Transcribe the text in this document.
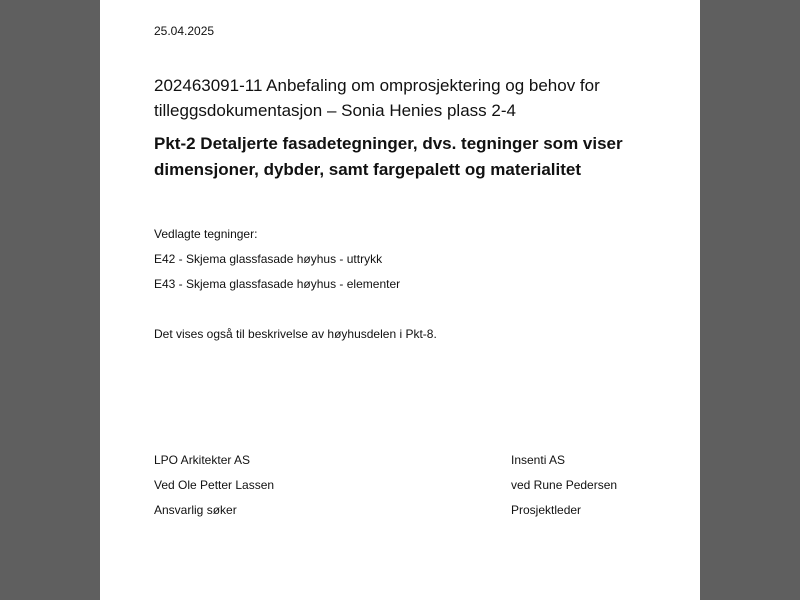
25.04.2025
202463091-11 Anbefaling om omprosjektering og behov for
tilleggsdokumentasjon – Sonia Henies plass 2-4
Pkt-2 Detaljerte fasadetegninger, dvs. tegninger som viser
dimensjoner, dybder, samt fargepalett og materialitet
Vedlagte tegninger:
E42 - Skjema glassfasade høyhus - uttrykk
E43 - Skjema glassfasade høyhus - elementer
Det vises også til beskrivelse av høyhusdelen i Pkt-8.
LPO Arkitekter AS
Ved Ole Petter Lassen
Ansvarlig søker
Insenti AS
ved Rune Pedersen
Prosjektleder
